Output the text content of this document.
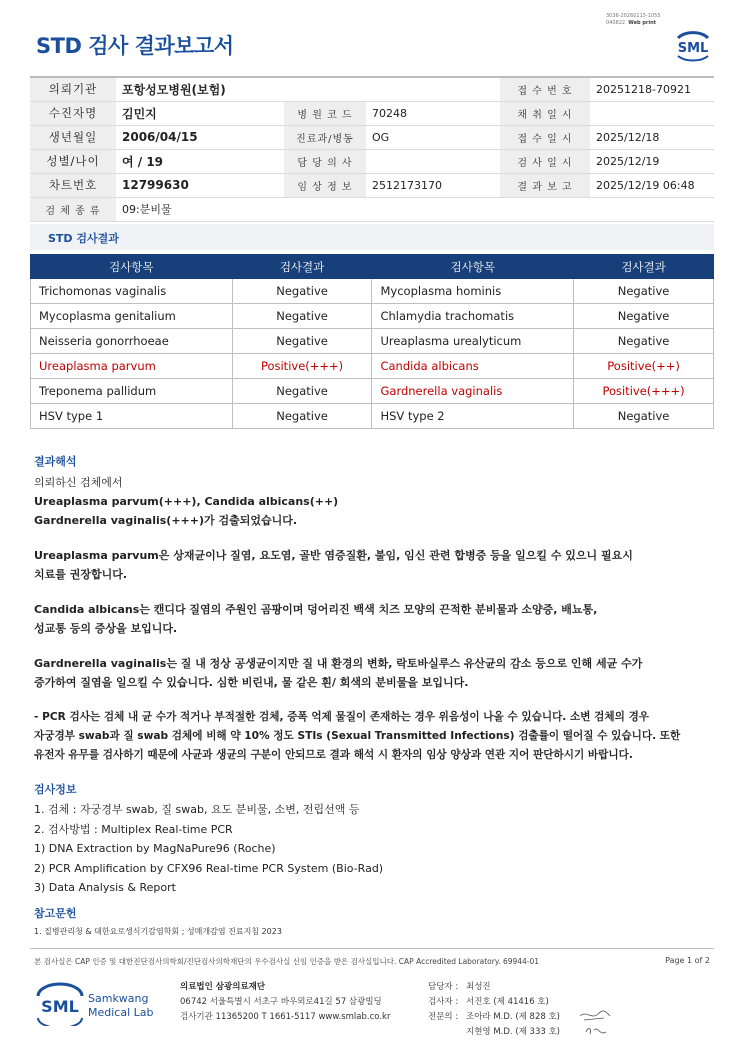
STD 검사 결과보고서
3036-20260115-1055
040822 Web print
SML
의뢰기관	포항성모병원(보험)			접 수 번 호	20251218-70921
수진자명	김민지	병 원 코 드	70248	채 취 일 시	
생년월일	2006/04/15	진료과/병동	OG	접 수 일 시	2025/12/18
성별/나이	여 / 19	담 당 의 사		검 사 일 시	2025/12/19
차트번호	12799630	임 상 정 보	2512173170	결 과 보 고	2025/12/19 06:48
검 체 종 류	09:분비물				
STD 검사결과
검사항목	검사결과	검사항목	검사결과
Trichomonas vaginalis	Negative	Mycoplasma hominis	Negative
Mycoplasma genitalium	Negative	Chlamydia trachomatis	Negative
Neisseria gonorrhoeae	Negative	Ureaplasma urealyticum	Negative
Ureaplasma parvum	Positive(+++)	Candida albicans	Positive(++)
Treponema pallidum	Negative	Gardnerella vaginalis	Positive(+++)
HSV type 1	Negative	HSV type 2	Negative
결과해석

의뢰하신 검체에서
Ureaplasma parvum(+++), Candida albicans(++)
Gardnerella vaginalis(+++)가 검출되었습니다.

Ureaplasma parvum은 상재균이나 질염, 요도염, 골반 염증질환, 불임, 임신 관련 합병증 등을 일으킬 수 있으니 필요시
치료를 권장합니다.

Candida albicans는 캔디다 질염의 주원인 곰팡이며 덩어리진 백색 치즈 모양의 끈적한 분비물과 소양증, 배뇨통,
성교통 등의 증상을 보입니다.

Gardnerella vaginalis는 질 내 정상 공생균이지만 질 내 환경의 변화, 락토바실루스 유산균의 감소 등으로 인해 세균 수가
증가하여 질염을 일으킬 수 있습니다. 심한 비린내, 물 같은 흰/ 회색의 분비물을 보입니다.

- PCR 검사는 검체 내 균 수가 적거나 부적절한 검체, 증폭 억제 물질이 존재하는 경우 위음성이 나올 수 있습니다. 소변 검체의 경우
자궁경부 swab과 질 swab 검체에 비해 약 10% 정도 STIs (Sexual Transmitted Infections) 검출률이 떨어질 수 있습니다. 또한
유전자 유무를 검사하기 때문에 사균과 생균의 구분이 안되므로 결과 해석 시 환자의 임상 양상과 연관 지어 판단하시기 바랍니다.

검사정보
1. 검체 : 자궁경부 swab, 질 swab, 요도 분비물, 소변, 전립선액 등
2. 검사방법 : Multiplex Real-time PCR
1) DNA Extraction by MagNaPure96 (Roche)
2) PCR Amplification by CFX96 Real-time PCR System (Bio-Rad)
3) Data Analysis & Report
참고문헌
1. 질병관리청 & 대한요로생식기감염학회 ; 성매개감염 진료지침 2023
본 검사실은 CAP 인증 및 대한진단검사의학회/진단검사의학재단의 우수검사실 신임 인증을 받은 검사실입니다. CAP Accredited Laboratory. 69944-01	Page 1 of 2
SML Samkwang
Medical Lab
의료법인 삼광의료재단
06742 서울특별시 서초구 바우뫼로41길 57 삼광빌딩
검사기관 11365200 T 1661-5117 www.smlab.co.kr
담당자 : 최성진
검사자 : 서진호 (제 41416 호)
전문의 : 조아라 M.D. (제 828 호)
지현영 M.D. (제 333 호)
